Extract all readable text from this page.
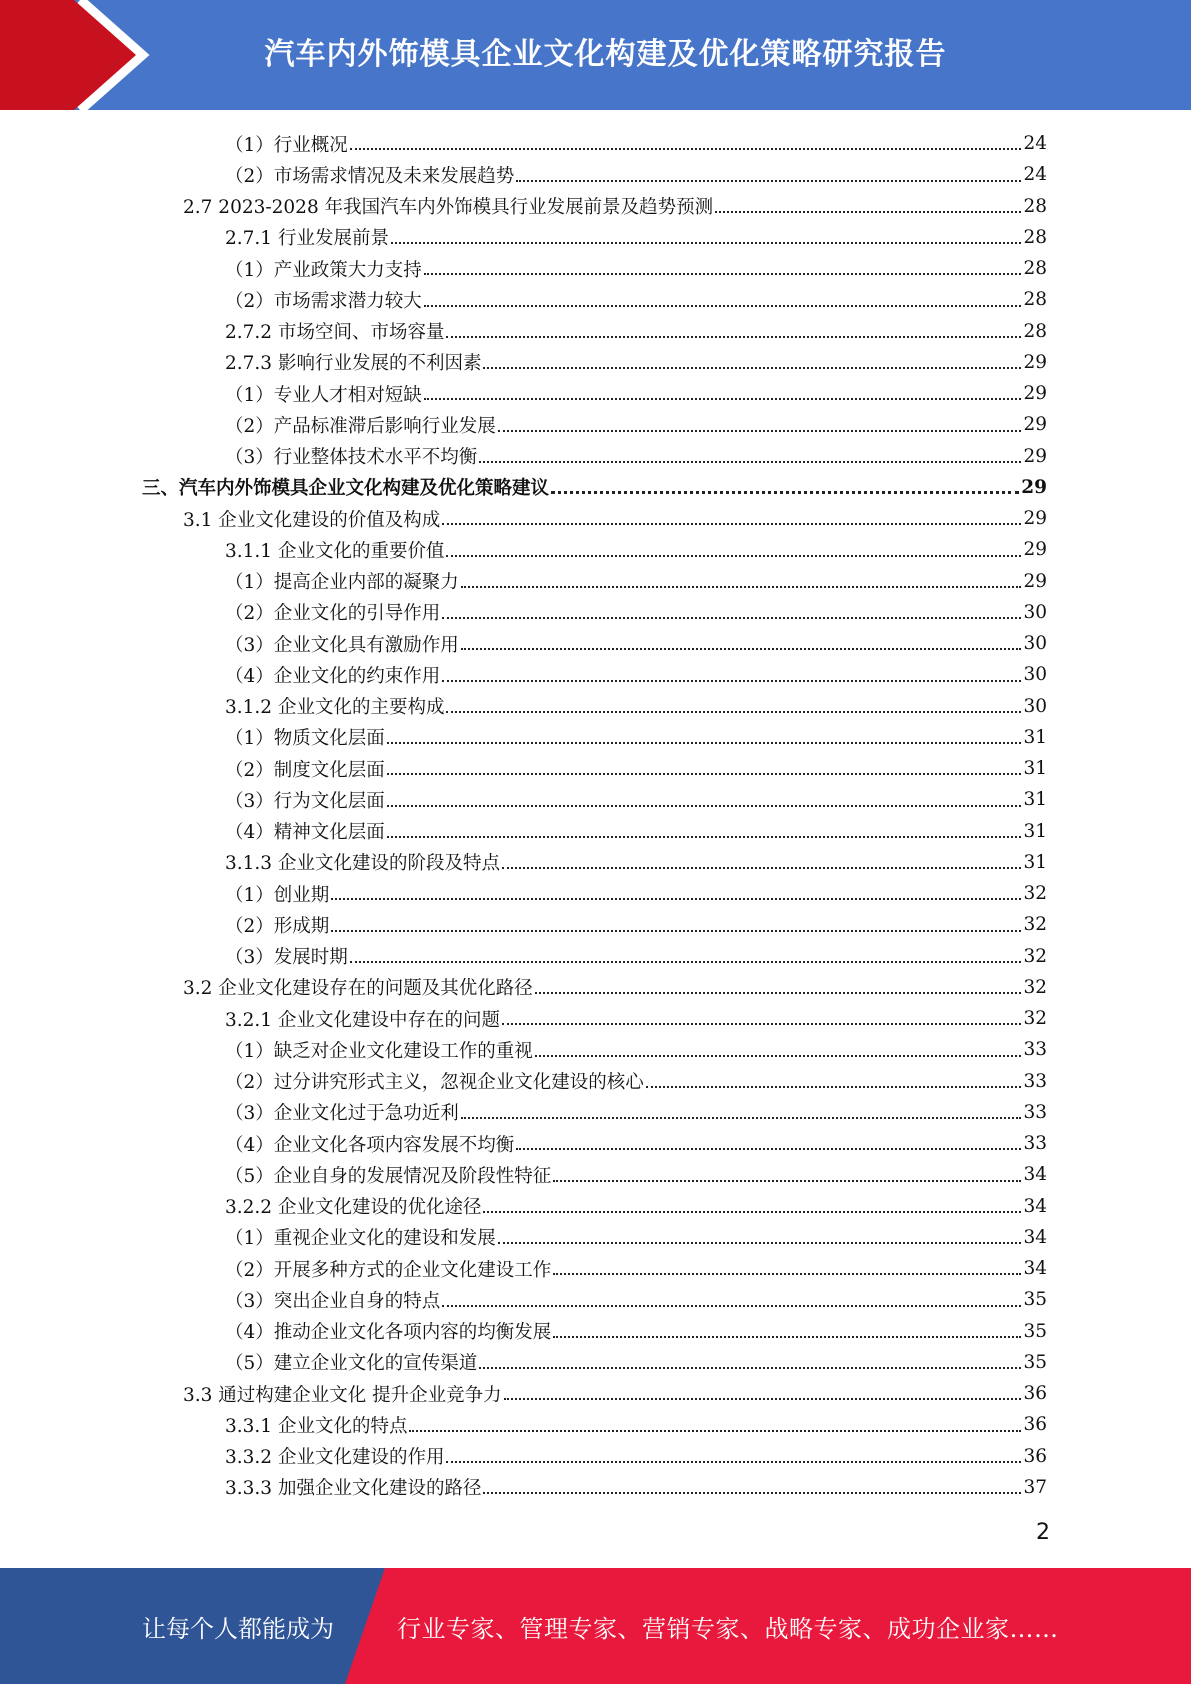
汽车内外饰模具企业文化构建及优化策略研究报告
（1）行业概况	24
（2）市场需求情况及未来发展趋势	24
2.7 2023-2028 年我国汽车内外饰模具行业发展前景及趋势预测	28
2.7.1 行业发展前景	28
（1）产业政策大力支持	28
（2）市场需求潜力较大	28
2.7.2 市场空间、市场容量	28
2.7.3 影响行业发展的不利因素	29
（1）专业人才相对短缺	29
（2）产品标准滞后影响行业发展	29
（3）行业整体技术水平不均衡	29
三、汽车内外饰模具企业文化构建及优化策略建议	29
3.1 企业文化建设的价值及构成	29
3.1.1 企业文化的重要价值	29
（1）提高企业内部的凝聚力	29
（2）企业文化的引导作用	30
（3）企业文化具有激励作用	30
（4）企业文化的约束作用	30
3.1.2 企业文化的主要构成	30
（1）物质文化层面	31
（2）制度文化层面	31
（3）行为文化层面	31
（4）精神文化层面	31
3.1.3 企业文化建设的阶段及特点	31
（1）创业期	32
（2）形成期	32
（3）发展时期	32
3.2 企业文化建设存在的问题及其优化路径	32
3.2.1 企业文化建设中存在的问题	32
（1）缺乏对企业文化建设工作的重视	33
（2）过分讲究形式主义，忽视企业文化建设的核心	33
（3）企业文化过于急功近利	33
（4）企业文化各项内容发展不均衡	33
（5）企业自身的发展情况及阶段性特征	34
3.2.2 企业文化建设的优化途径	34
（1）重视企业文化的建设和发展	34
（2）开展多种方式的企业文化建设工作	34
（3）突出企业自身的特点	35
（4）推动企业文化各项内容的均衡发展	35
（5）建立企业文化的宣传渠道	35
3.3 通过构建企业文化 提升企业竞争力	36
3.3.1 企业文化的特点	36
3.3.2 企业文化建设的作用	36
3.3.3 加强企业文化建设的路径	37
2
让每个人都能成为	行业专家、管理专家、营销专家、战略专家、成功企业家……
